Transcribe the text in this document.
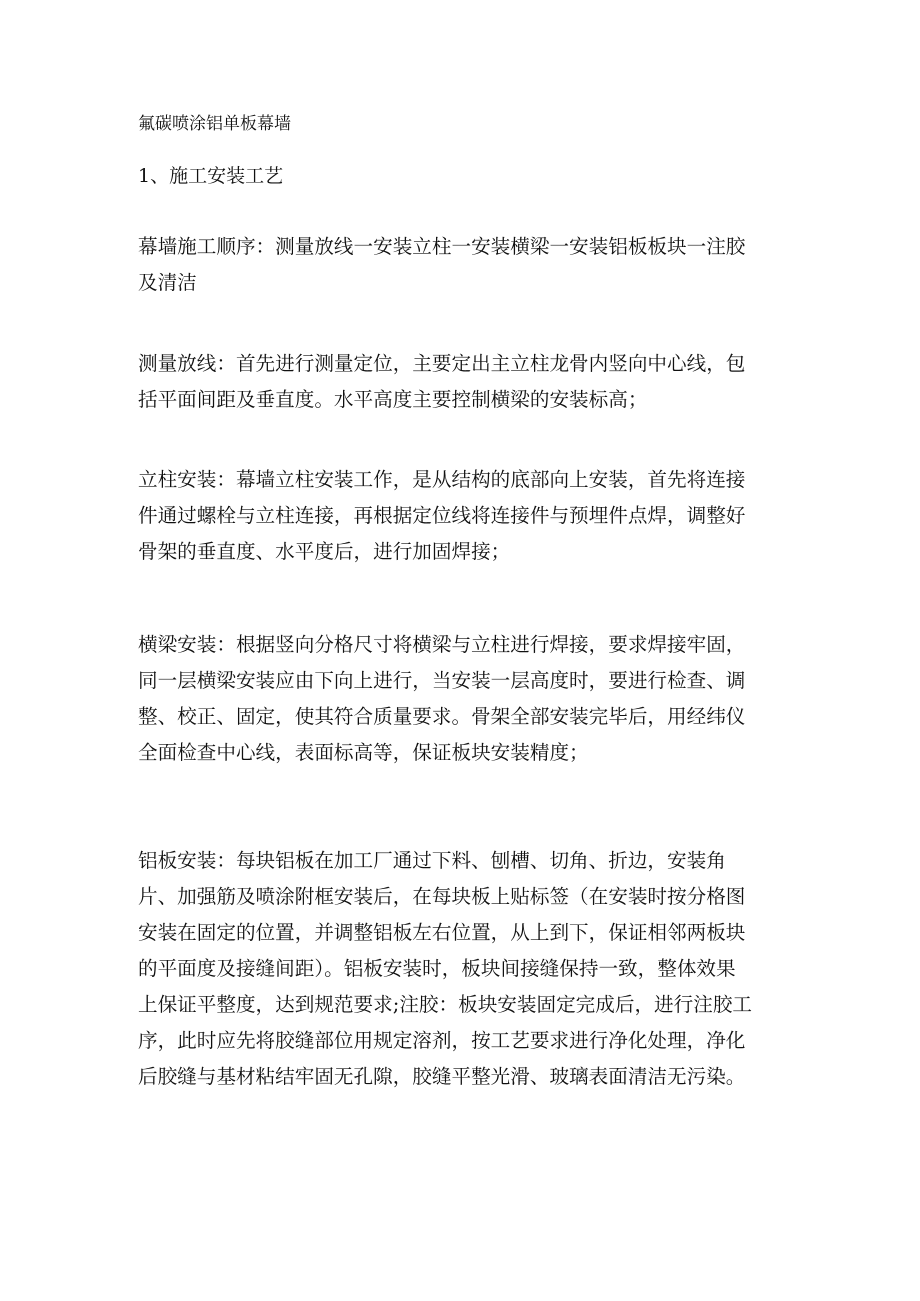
氟碳喷涂铝单板幕墙
1、施工安装工艺

幕墙施工顺序：测量放线一安装立柱一安装横梁一安装铝板板块一注胶
及清洁

测量放线：首先进行测量定位，主要定出主立柱龙骨内竖向中心线，包
括平面间距及垂直度。水平高度主要控制横梁的安装标高；

立柱安装：幕墙立柱安装工作，是从结构的底部向上安装，首先将连接
件通过螺栓与立柱连接，再根据定位线将连接件与预埋件点焊，调整好
骨架的垂直度、水平度后，进行加固焊接；

横梁安装：根据竖向分格尺寸将横梁与立柱进行焊接，要求焊接牢固，
同一层横梁安装应由下向上进行，当安装一层高度时，要进行检查、调
整、校正、固定，使其符合质量要求。骨架全部安装完毕后，用经纬仪
全面检查中心线，表面标高等，保证板块安装精度；

铝板安装：每块铝板在加工厂通过下料、刨槽、切角、折边，安装角
片、加强筋及喷涂附框安装后，在每块板上贴标签（在安装时按分格图
安装在固定的位置，并调整铝板左右位置，从上到下，保证相邻两板块
的平面度及接缝间距）。铝板安装时，板块间接缝保持一致，整体效果
上保证平整度，达到规范要求;注胶：板块安装固定完成后，进行注胶工
序，此时应先将胶缝部位用规定溶剂，按工艺要求进行净化处理，净化
后胶缝与基材粘结牢固无孔隙，胶缝平整光滑、玻璃表面清洁无污染。
